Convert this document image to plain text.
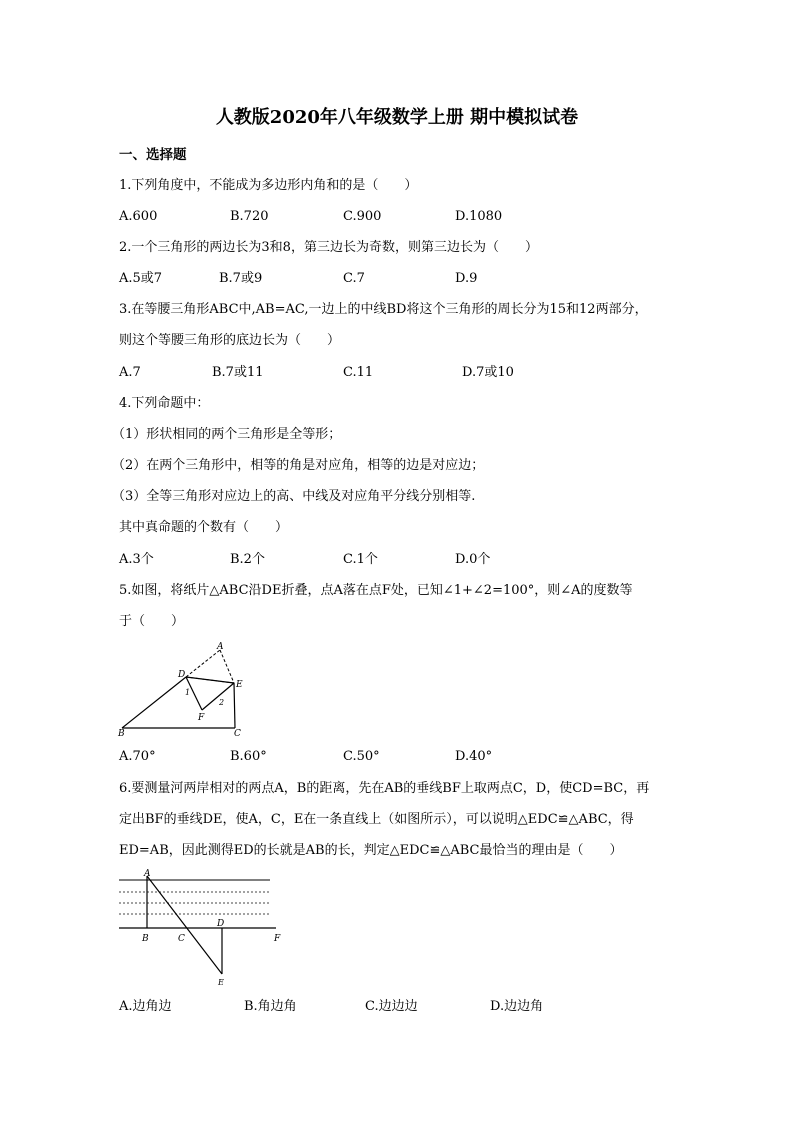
人教版2020年八年级数学上册 期中模拟试卷
一、选择题
1.下列角度中，不能成为多边形内角和的是（　　）
A.600	B.720	C.900	D.1080
2.一个三角形的两边长为3和8，第三边长为奇数，则第三边长为（　　）
A.5或7	B.7或9	C.7	D.9
3.在等腰三角形ABC中,AB=AC,一边上的中线BD将这个三角形的周长分为15和12两部分，
则这个等腰三角形的底边长为（　　）
A.7	B.7或11	C.11	D.7或10
4.下列命题中：
（1）形状相同的两个三角形是全等形；
（2）在两个三角形中，相等的角是对应角，相等的边是对应边；
（3）全等三角形对应边上的高、中线及对应角平分线分别相等.
其中真命题的个数有（　　）
A.3个	B.2个	C.1个	D.0个
5.如图，将纸片△ABC沿DE折叠，点A落在点F处，已知∠1+∠2=100°，则∠A的度数等
于（　　）
A
D
E
1
2
F
B	C
A.70°	B.60°	C.50°	D.40°
6.要测量河两岸相对的两点A，B的距离，先在AB的垂线BF上取两点C，D，使CD=BC，再
定出BF的垂线DE，使A，C，E在一条直线上（如图所示），可以说明△EDC≌△ABC，得
ED=AB，因此测得ED的长就是AB的长，判定△EDC≌△ABC最恰当的理由是（　　）
A
B	C
D
F
E
A.边角边	B.角边角	C.边边边	D.边边角
